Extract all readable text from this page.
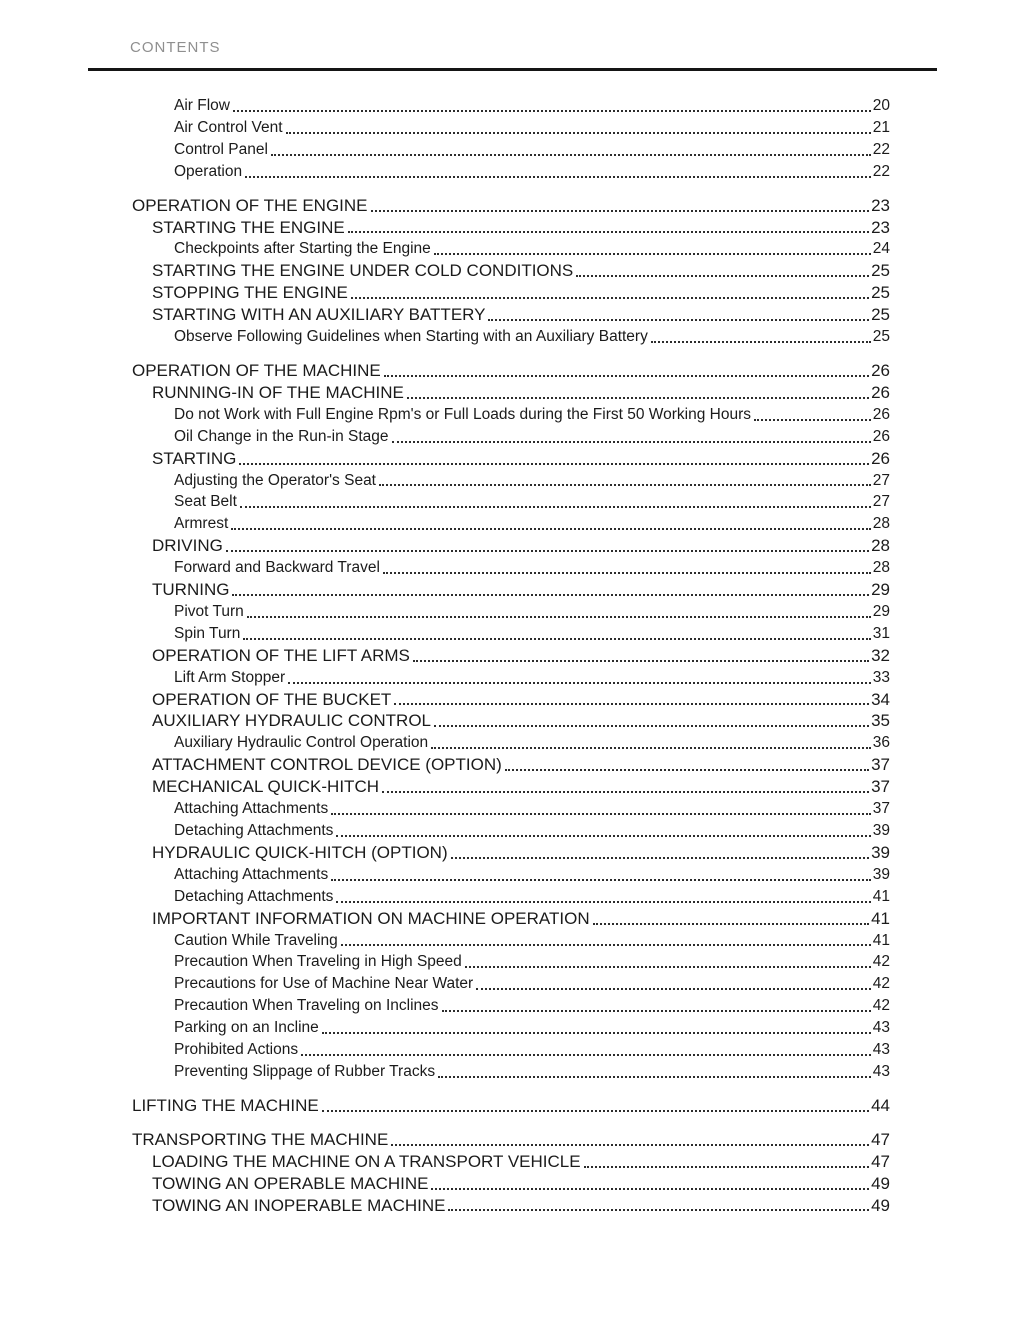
CONTENTS
Air Flow	20
Air Control Vent	21
Control Panel	22
Operation	22
OPERATION OF THE ENGINE	23
STARTING THE ENGINE	23
Checkpoints after Starting the Engine	24
STARTING THE ENGINE UNDER COLD CONDITIONS	25
STOPPING THE ENGINE	25
STARTING WITH AN AUXILIARY BATTERY	25
Observe Following Guidelines when Starting with an Auxiliary Battery	25
OPERATION OF THE MACHINE	26
RUNNING-IN OF THE MACHINE	26
Do not Work with Full Engine Rpm's or Full Loads during the First 50 Working Hours	26
Oil Change in the Run-in Stage	26
STARTING	26
Adjusting the Operator's Seat	27
Seat Belt	27
Armrest	28
DRIVING	28
Forward and Backward Travel	28
TURNING	29
Pivot Turn	29
Spin Turn	31
OPERATION OF THE LIFT ARMS	32
Lift Arm Stopper	33
OPERATION OF THE BUCKET	34
AUXILIARY HYDRAULIC CONTROL	35
Auxiliary Hydraulic Control Operation	36
ATTACHMENT CONTROL DEVICE (OPTION)	37
MECHANICAL QUICK-HITCH	37
Attaching Attachments	37
Detaching Attachments	39
HYDRAULIC QUICK-HITCH (OPTION)	39
Attaching Attachments	39
Detaching Attachments	41
IMPORTANT INFORMATION ON MACHINE OPERATION	41
Caution While Traveling	41
Precaution When Traveling in High Speed	42
Precautions for Use of Machine Near Water	42
Precaution When Traveling on Inclines	42
Parking on an Incline	43
Prohibited Actions	43
Preventing Slippage of Rubber Tracks	43
LIFTING THE MACHINE	44
TRANSPORTING THE MACHINE	47
LOADING THE MACHINE ON A TRANSPORT VEHICLE	47
TOWING AN OPERABLE MACHINE	49
TOWING AN INOPERABLE MACHINE	49
